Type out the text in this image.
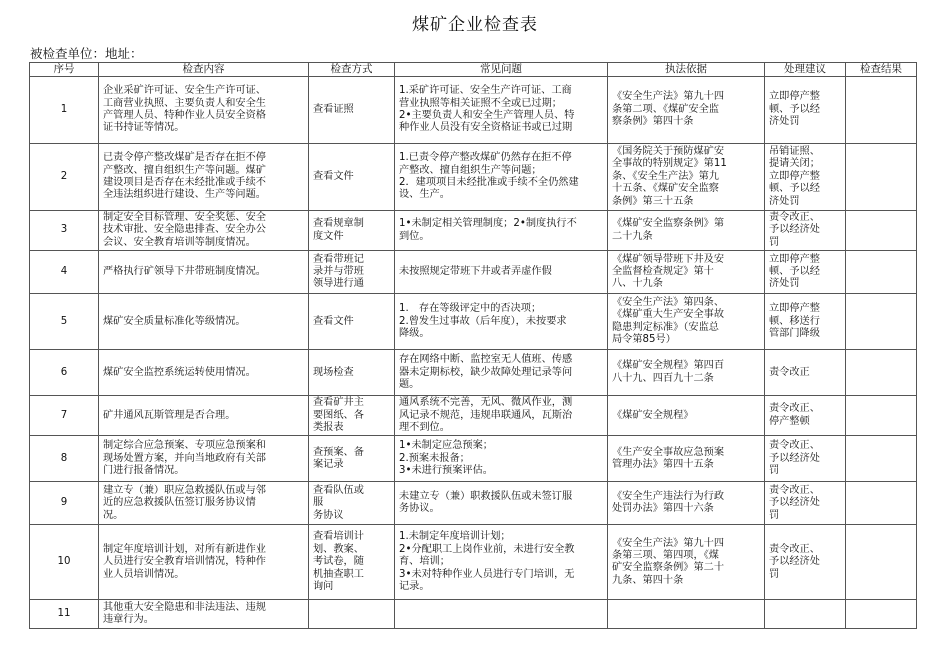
煤矿企业检查表
被检查单位：地址：
序号	检查内容	检查方式	常见问题	执法依据	处理建议	检查结果
1	企业采矿许可证、安全生产许可证、
工商营业执照、主要负责人和安全生
产管理人员、特种作业人员安全资格
证书持证等情况。	查看证照	1.采矿许可证、安全生产许可证、工商
营业执照等相关证照不全或已过期；
2•主要负责人和安全生产管理人员、特
种作业人员没有安全资格证书或已过期	《安全生产法》第九十四
条第二项、《煤矿安全监
察条例》第四十条	立即停产整
顿、予以经
济处罚	
2	已责令停产整改煤矿是否存在拒不停
产整改、擅自组织生产等问题。煤矿
建设项目是否存在未经批准或手续不
全违法组织进行建设、生产等问题。	查看文件	1.已责令停产整改煤矿仍然存在拒不停
产整改、擅自组织生产等问题；
2．建项项目未经批准或手续不全仍然建
设、生产。	《国务院关于预防煤矿安
全事故的特别规定》第11
条、《安全生产法》第九
十五条、《煤矿安全监察
条例》第三十五条	吊销证照、
提请关闭；
立即停产整
顿、予以经
济处罚	
3	制定安全目标管理、安全奖惩、安全
技术审批、安全隐患排查、安全办公
会议、安全教育培训等制度情况。	查看规章制
度文件	1•未制定相关管理制度；2•制度执行不
到位。	《煤矿安全监察条例》第
二十九条	责令改正、
予以经济处
罚	
4	严格执行矿领导下井带班制度情况。	查看带班记
录并与带班
领导进行通	未按照规定带班下井或者弄虚作假	《煤矿领导带班下井及安
全监督检查规定》第十
八、十九条	立即停产整
顿、予以经
济处罚	
5	煤矿安全质量标准化等级情况。	查看文件	1.　存在等级评定中的否决项；
2.曾发生过事故（后年度），未按要求
降级。	《安全生产法》第四条、
《煤矿重大生产安全事故
隐患判定标准》（安监总
局令第85号）	立即停产整
顿、移送行
管部门降级	
6	煤矿安全监控系统运转使用情况。	现场检查	存在网络中断、监控室无人值班、传感
器未定期标校，缺少故障处理记录等问
题。	《煤矿安全规程》第四百
八十九、四百九十二条	责令改正	
7	矿井通风瓦斯管理是否合理。	查看矿井主
要图纸、各
类报表	通风系统不完善，无风、微风作业，测
风记录不规范，违规串联通风，瓦斯治
理不到位。	《煤矿安全规程》	责令改正、
停产整顿	
8	制定综合应急预案、专项应急预案和
现场处置方案，并向当地政府有关部
门进行报备情况。	查预案、备
案记录	1•未制定应急预案；
2.预案未报备；
3•未进行预案评估。	《生产安全事故应急预案
管理办法》第四十五条	责令改正、
予以经济处
罚	
9	建立专（兼）职应急救援队伍或与邻
近的应急救援队伍签订服务协议情
况。	查看队伍或
服
务协议	未建立专（兼）职救援队伍或未签订服
务协议。	《安全生产违法行为行政
处罚办法》第四十六条	责令改正、
予以经济处
罚	
10	制定年度培训计划，对所有新进作业
人员进行安全教育培训情况，特种作
业人员培训情况。	查看培训计
划、教案、
考试卷，随
机抽查职工
询问	1.未制定年度培训计划；
2•分配职工上岗作业前，未进行安全教
育、培训；
3•未对特种作业人员进行专门培训，无
记录。	《安全生产法》第九十四
条第三项、第四项，《煤
矿安全监察条例》第二十
九条、第四十条	责令改正、
予以经济处
罚	
11	其他重大安全隐患和非法违法、违规
违章行为。					
